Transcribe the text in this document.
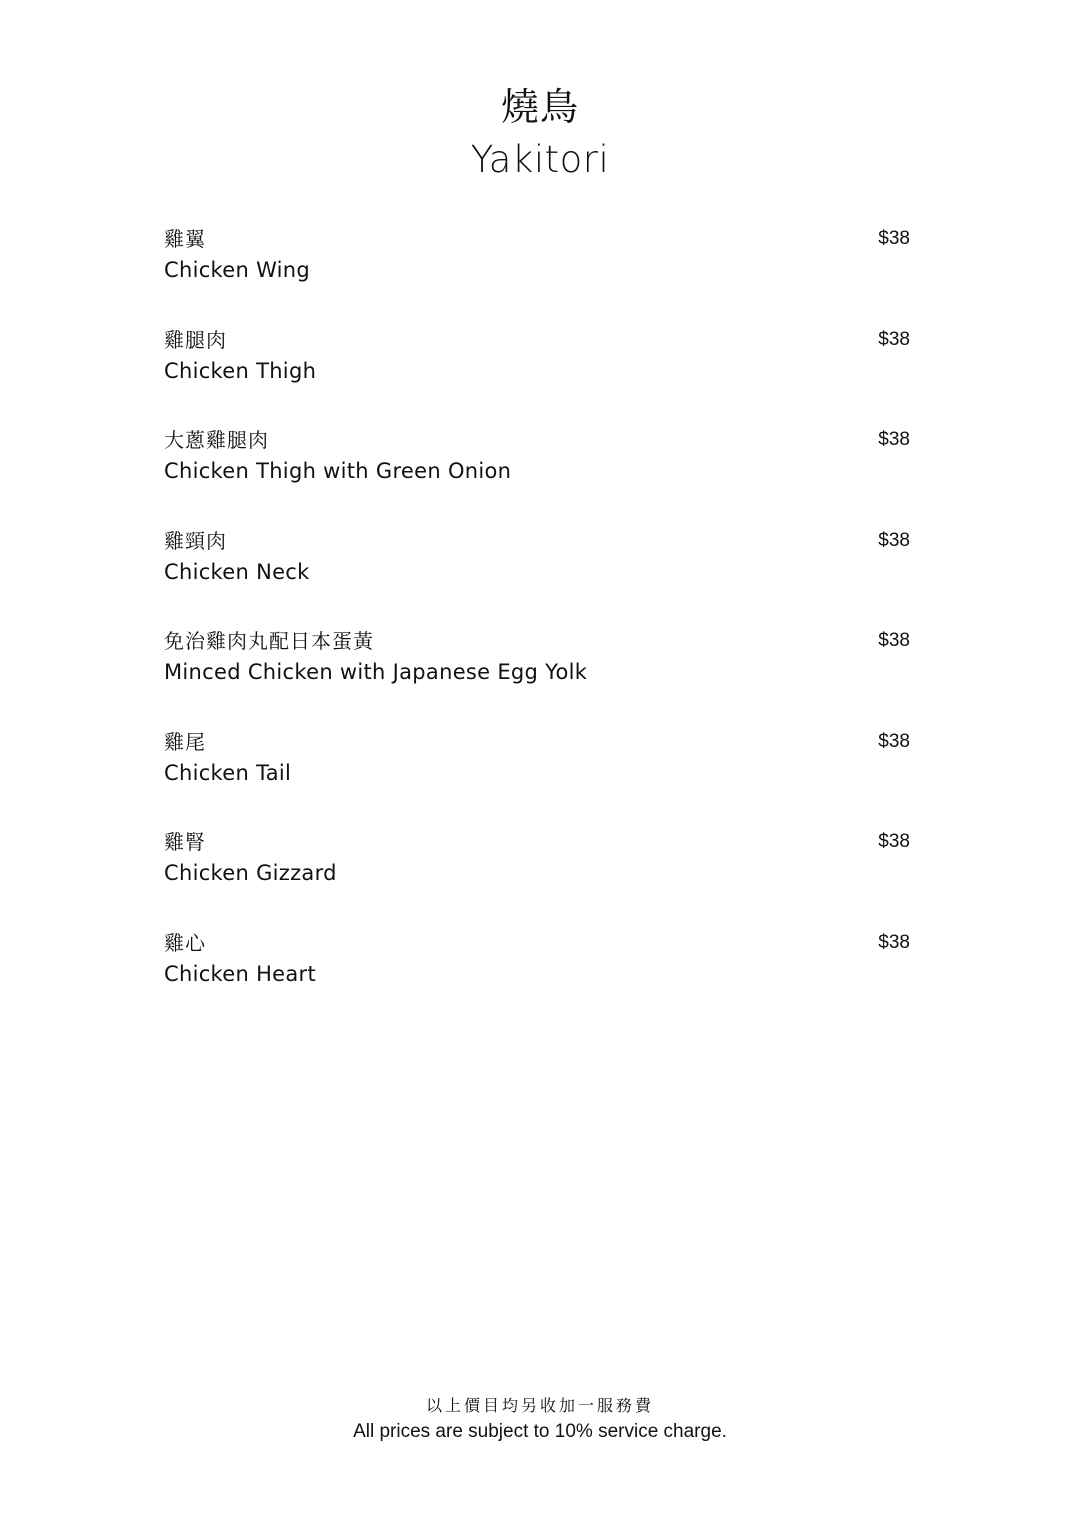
燒鳥
Yakitori
雞翼
Chicken Wing
$38
雞腿肉
Chicken Thigh
$38
大蔥雞腿肉
Chicken Thigh with Green Onion
$38
雞頸肉
Chicken Neck
$38
免治雞肉丸配日本蛋黃
Minced Chicken with Japanese Egg Yolk
$38
雞尾
Chicken Tail
$38
雞腎
Chicken Gizzard
$38
雞心
Chicken Heart
$38
以上價目均另收加一服務費
All prices are subject to 10% service charge.
